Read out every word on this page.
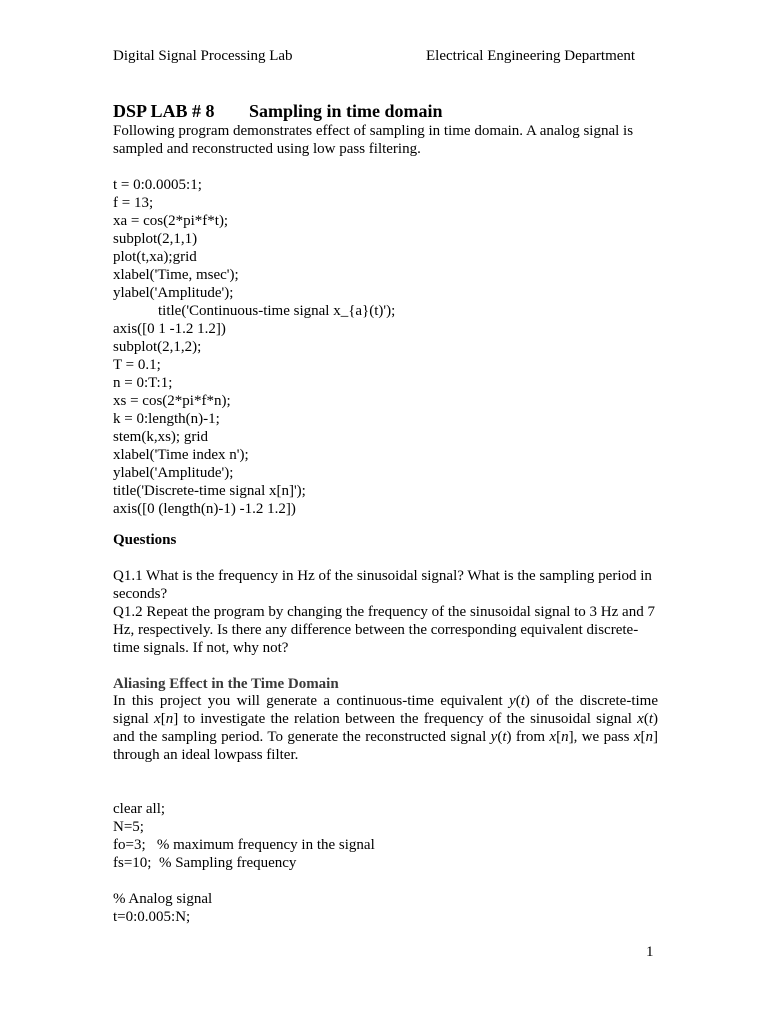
Digital Signal Processing Lab	Electrical Engineering Department
DSP LAB # 8 Sampling in time domain
Following program demonstrates effect of sampling in time domain. A analog signal is sampled and reconstructed using low pass filtering.
t = 0:0.0005:1;
f = 13;
xa = cos(2*pi*f*t);
subplot(2,1,1)
plot(t,xa);grid
xlabel('Time, msec');
ylabel('Amplitude');
title('Continuous-time signal x_{a}(t)');
axis([0 1 -1.2 1.2])
subplot(2,1,2);
T = 0.1;
n = 0:T:1;
xs = cos(2*pi*f*n);
k = 0:length(n)-1;
stem(k,xs); grid
xlabel('Time index n');
ylabel('Amplitude');
title('Discrete-time signal x[n]');
axis([0 (length(n)-1) -1.2 1.2])
Questions
Q1.1 What is the frequency in Hz of the sinusoidal signal? What is the sampling period in seconds?
Q1.2 Repeat the program by changing the frequency of the sinusoidal signal to 3 Hz and 7 Hz, respectively. Is there any difference between the corresponding equivalent discrete-time signals. If not, why not?
Aliasing Effect in the Time Domain
In this project you will generate a continuous-time equivalent y(t) of the discrete-time signal x[n] to investigate the relation between the frequency of the sinusoidal signal x(t) and the sampling period. To generate the reconstructed signal y(t) from x[n], we pass x[n] through an ideal lowpass filter.
clear all;
N=5;
fo=3;   % maximum frequency in the signal
fs=10;  % Sampling frequency
% Analog signal
t=0:0.005:N;
1
